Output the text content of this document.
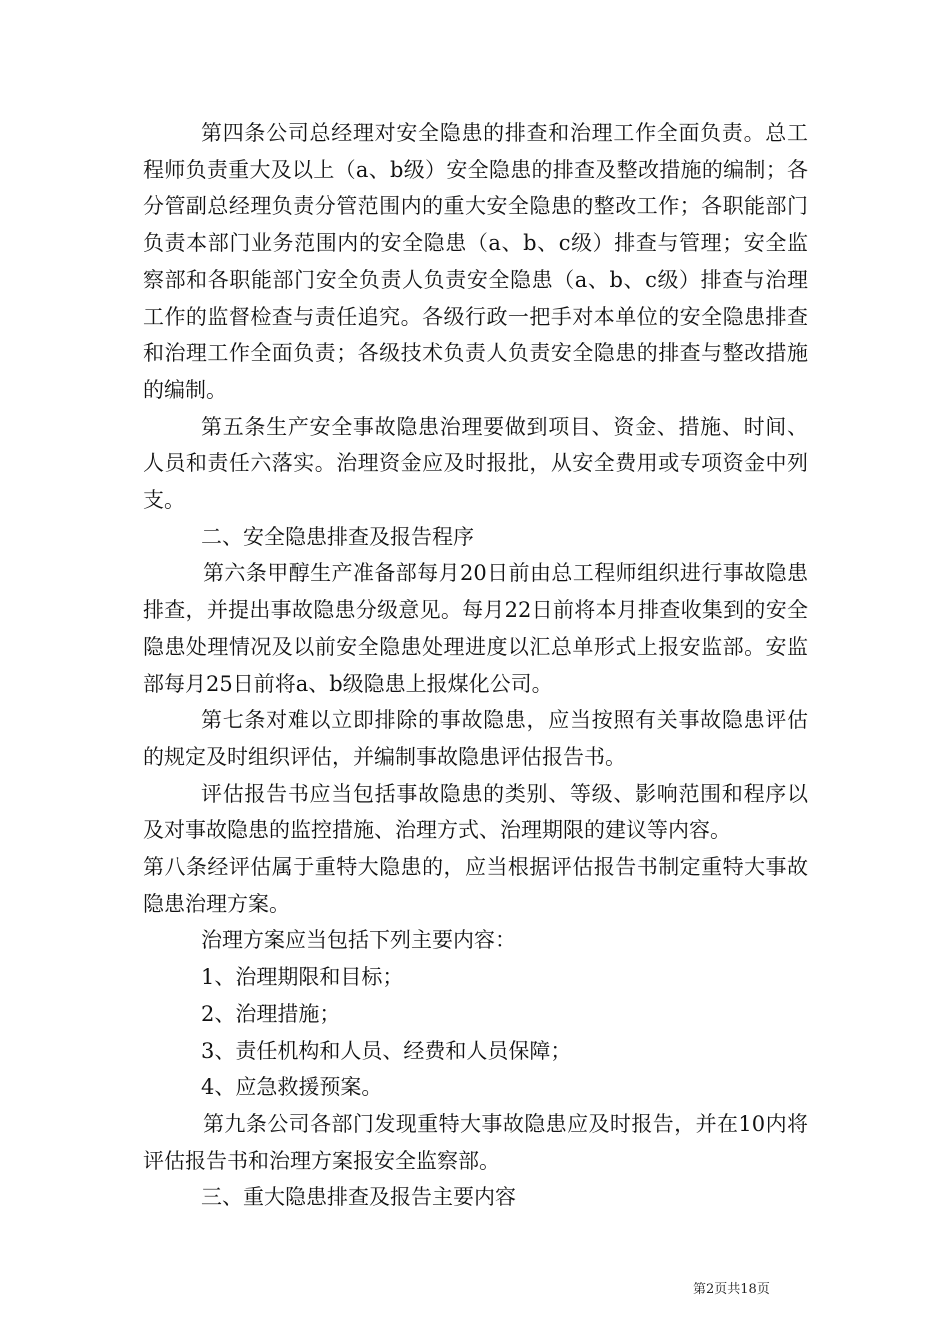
第四条公司总经理对安全隐患的排查和治理工作全面负责。总工程师负责重大及以上（a、b级）安全隐患的排查及整改措施的编制；各分管副总经理负责分管范围内的重大安全隐患的整改工作；各职能部门负责本部门业务范围内的安全隐患（a、b、c级）排查与管理；安全监察部和各职能部门安全负责人负责安全隐患（a、b、c级）排查与治理工作的监督检查与责任追究。各级行政一把手对本单位的安全隐患排查和治理工作全面负责；各级技术负责人负责安全隐患的排查与整改措施的编制。

第五条生产安全事故隐患治理要做到项目、资金、措施、时间、人员和责任六落实。治理资金应及时报批，从安全费用或专项资金中列支。

二、安全隐患排查及报告程序

第六条甲醇生产准备部每月20日前由总工程师组织进行事故隐患排查，并提出事故隐患分级意见。每月22日前将本月排查收集到的安全隐患处理情况及以前安全隐患处理进度以汇总单形式上报安监部。安监部每月25日前将a、b级隐患上报煤化公司。

第七条对难以立即排除的事故隐患，应当按照有关事故隐患评估的规定及时组织评估，并编制事故隐患评估报告书。

评估报告书应当包括事故隐患的类别、等级、影响范围和程序以及对事故隐患的监控措施、治理方式、治理期限的建议等内容。

第八条经评估属于重特大隐患的，应当根据评估报告书制定重特大事故隐患治理方案。

治理方案应当包括下列主要内容：

1、治理期限和目标；

2、治理措施；

3、责任机构和人员、经费和人员保障；

4、应急救援预案。

第九条公司各部门发现重特大事故隐患应及时报告，并在10内将评估报告书和治理方案报安全监察部。

三、重大隐患排查及报告主要内容

第2页共18页
